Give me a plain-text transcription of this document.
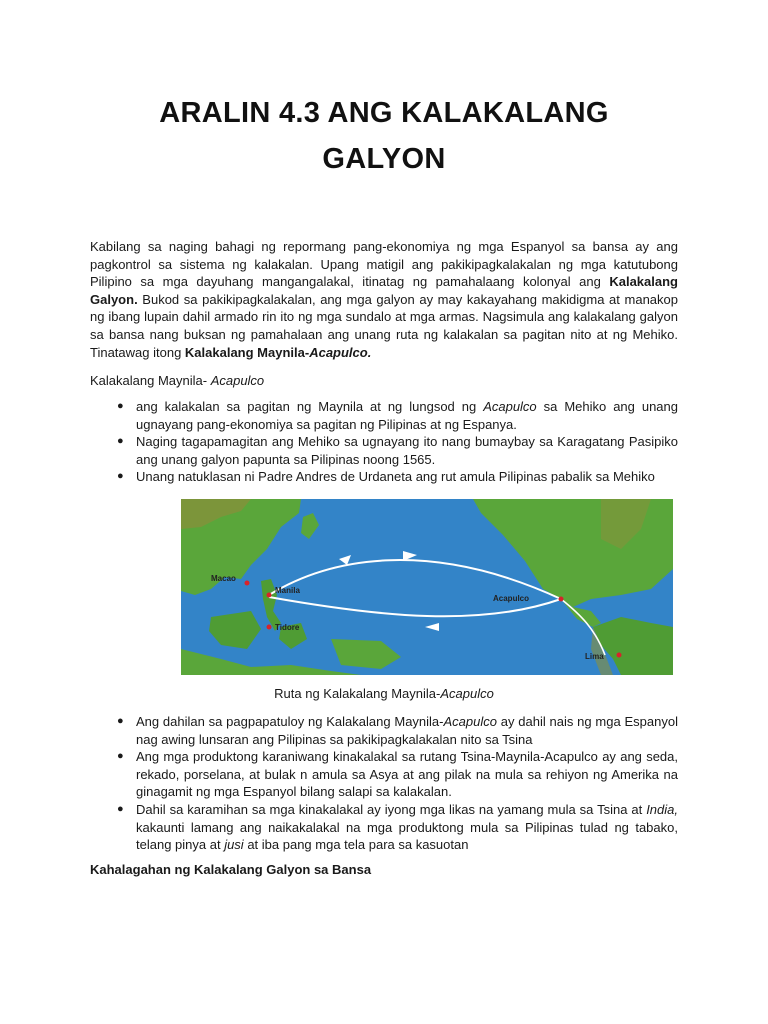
ARALIN 4.3 ANG KALAKALANG
GALYON

Kabilang sa naging bahagi ng repormang pang-ekonomiya ng mga Espanyol sa bansa ay ang pagkontrol sa sistema ng kalakalan. Upang matigil ang pakikipagkalakalan ng mga katutubong Pilipino sa mga dayuhang mangangalakal, itinatag ng pamahalaang kolonyal ang Kalakalang Galyon. Bukod sa pakikipagkalakalan, ang mga galyon ay may kakayahang makidigma at manakop ng ibang lupain dahil armado rin ito ng mga sundalo at mga armas. Nagsimula ang kalakalang galyon sa bansa nang buksan ng pamahalaan ang unang ruta ng kalakalan sa pagitan nito at ng Mehiko. Tinatawag itong Kalakalang Maynila-Acapulco.

Kalakalang Maynila- Acapulco
● ang kalakalan sa pagitan ng Maynila at ng lungsod ng Acapulco sa Mehiko ang unang ugnayang pang-ekonomiya sa pagitan ng Pilipinas at ng Espanya.
● Naging tagapamagitan ang Mehiko sa ugnayang ito nang bumaybay sa Karagatang Pasipiko ang unang galyon papunta sa Pilipinas noong 1565.
● Unang natuklasan ni Padre Andres de Urdaneta ang rut amula Pilipinas pabalik sa Mehiko
Macao
Manila
Tidore
Acapulco
Lima
Ruta ng Kalakalang Maynila-Acapulco
● Ang dahilan sa pagpapatuloy ng Kalakalang Maynila-Acapulco ay dahil nais ng mga Espanyol nag awing lunsaran ang Pilipinas sa pakikipagkalakalan nito sa Tsina
● Ang mga produktong karaniwang kinakalakal sa rutang Tsina-Maynila-Acapulco ay ang seda, rekado, porselana, at bulak n amula sa Asya at ang pilak na mula sa rehiyon ng Amerika na ginagamit ng mga Espanyol bilang salapi sa kalakalan.
● Dahil sa karamihan sa mga kinakalakal ay iyong mga likas na yamang mula sa Tsina at India, kakaunti lamang ang naikakalakal na mga produktong mula sa Pilipinas tulad ng tabako, telang pinya at jusi at iba pang mga tela para sa kasuotan
Kahalagahan ng Kalakalang Galyon sa Bansa
